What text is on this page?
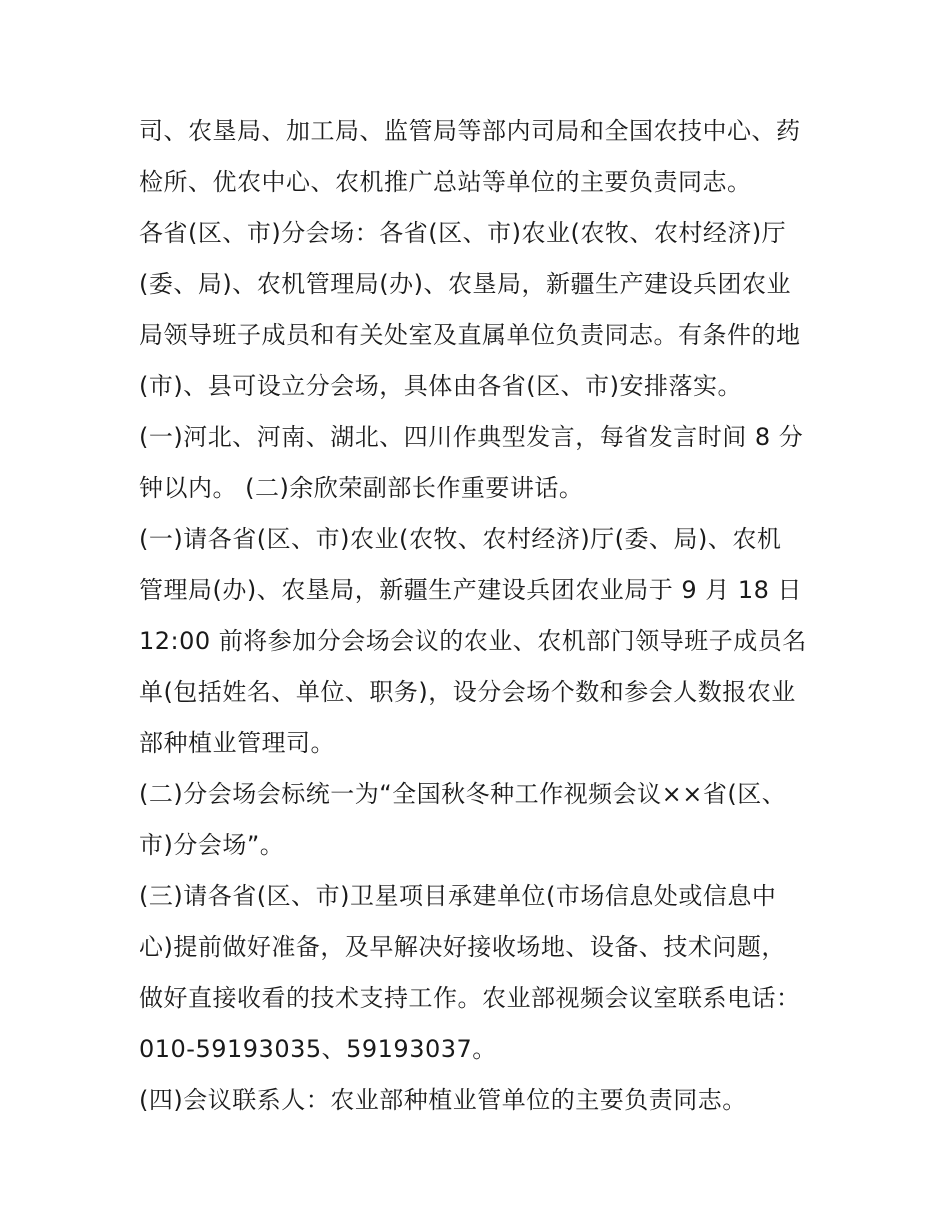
司、农垦局、加工局、监管局等部内司局和全国农技中心、药
检所、优农中心、农机推广总站等单位的主要负责同志。
各省(区、市)分会场：各省(区、市)农业(农牧、农村经济)厅
(委、局)、农机管理局(办)、农垦局，新疆生产建设兵团农业
局领导班子成员和有关处室及直属单位负责同志。有条件的地
(市)、县可设立分会场，具体由各省(区、市)安排落实。
(一)河北、河南、湖北、四川作典型发言，每省发言时间 8 分
钟以内。 (二)余欣荣副部长作重要讲话。
(一)请各省(区、市)农业(农牧、农村经济)厅(委、局)、农机
管理局(办)、农垦局，新疆生产建设兵团农业局于 9 月 18 日
12:00 前将参加分会场会议的农业、农机部门领导班子成员名
单(包括姓名、单位、职务)，设分会场个数和参会人数报农业
部种植业管理司。
(二)分会场会标统一为“全国秋冬种工作视频会议××省(区、
市)分会场”。
(三)请各省(区、市)卫星项目承建单位(市场信息处或信息中
心)提前做好准备，及早解决好接收场地、设备、技术问题，
做好直接收看的技术支持工作。农业部视频会议室联系电话：
010-59193035、59193037。
(四)会议联系人：农业部种植业管单位的主要负责同志。
